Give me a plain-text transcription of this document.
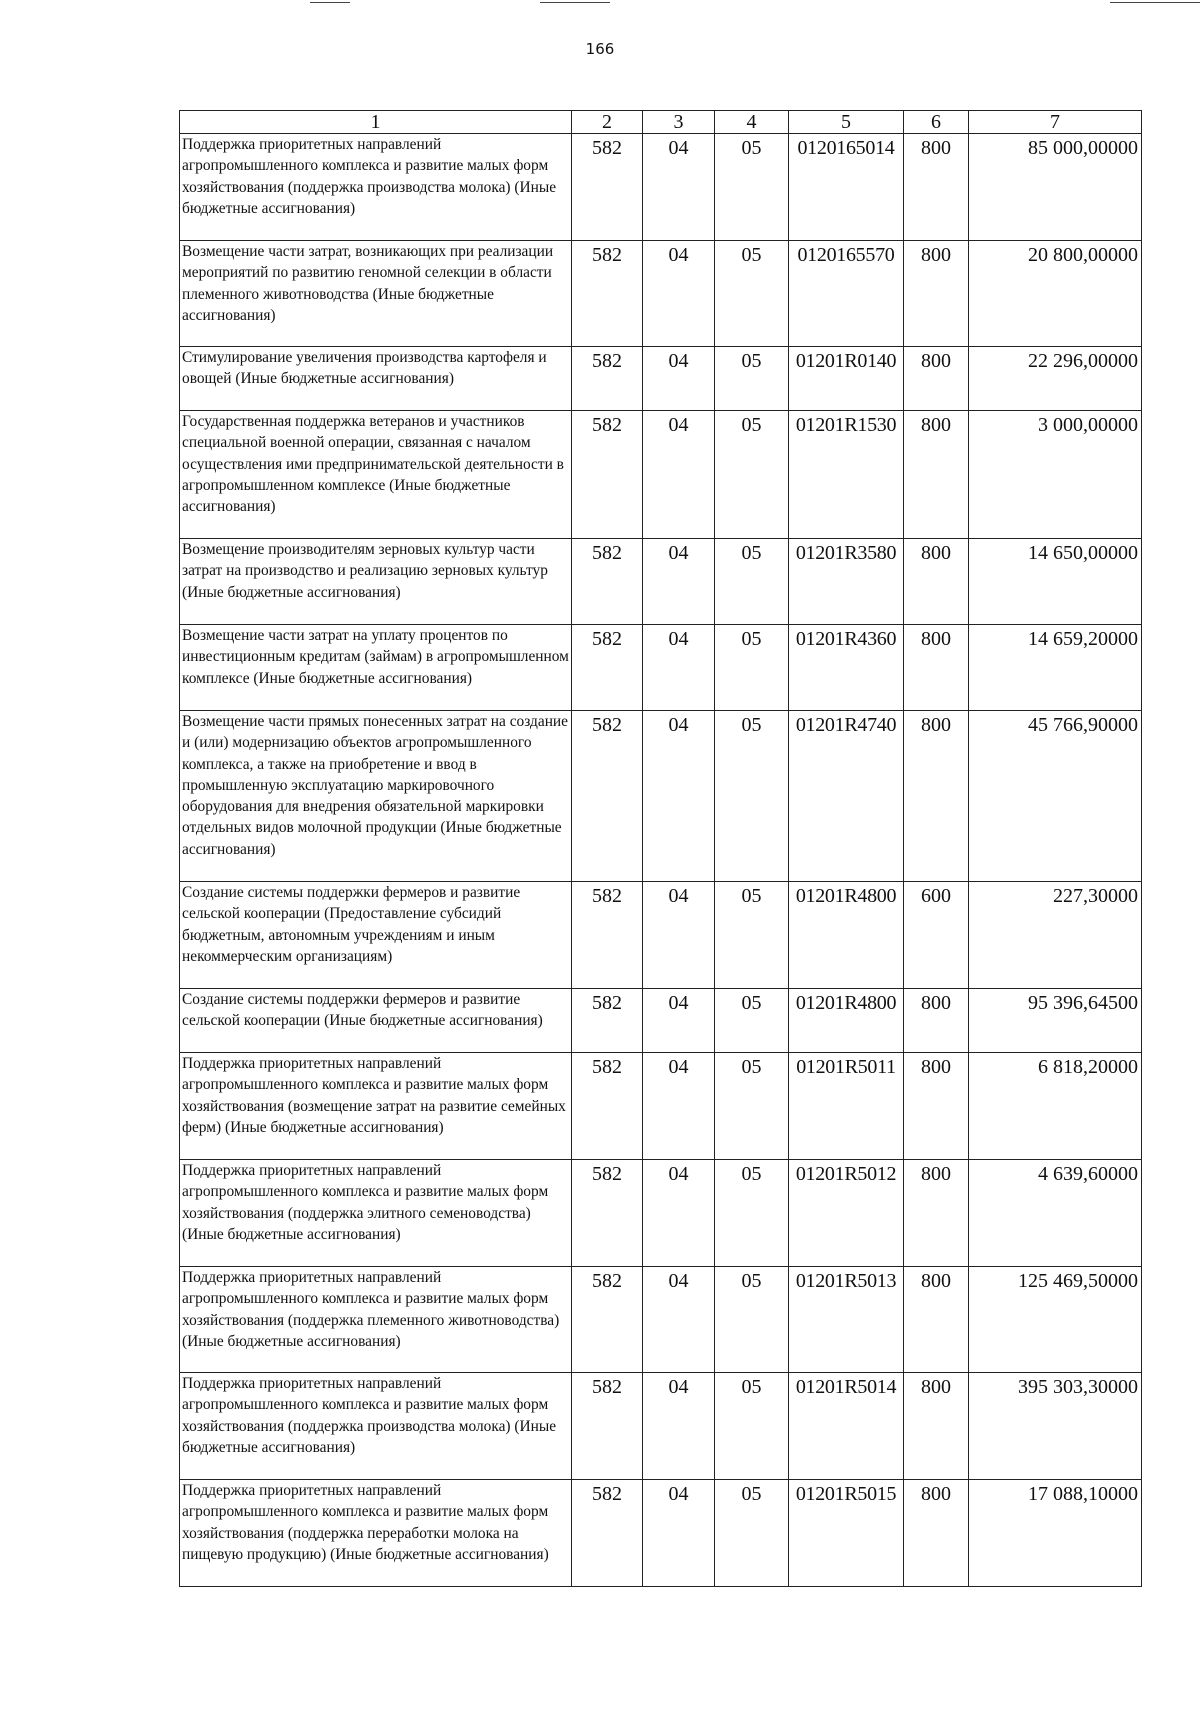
166
1	2	3	4	5	6	7
Поддержка приоритетных направлений агропромышленного комплекса и развитие малых форм хозяйствования (поддержка производства молока) (Иные бюджетные ассигнования)	582	04	05	0120165014	800	85 000,00000
Возмещение части затрат, возникающих при реализации мероприятий по развитию геномной селекции в области племенного животноводства (Иные бюджетные ассигнования)	582	04	05	0120165570	800	20 800,00000
Стимулирование увеличения производства картофеля и овощей (Иные бюджетные ассигнования)	582	04	05	01201R0140	800	22 296,00000
Государственная поддержка ветеранов и участников специальной военной операции, связанная с началом осуществления ими предпринимательской деятельности в агропромышленном комплексе (Иные бюджетные ассигнования)	582	04	05	01201R1530	800	3 000,00000
Возмещение производителям зерновых культур части затрат на производство и реализацию зерновых культур (Иные бюджетные ассигнования)	582	04	05	01201R3580	800	14 650,00000
Возмещение части затрат на уплату процентов по инвестиционным кредитам (займам) в агропромышленном комплексе (Иные бюджетные ассигнования)	582	04	05	01201R4360	800	14 659,20000
Возмещение части прямых понесенных затрат на создание и (или) модернизацию объектов агропромышленного комплекса, а также на приобретение и ввод в промышленную эксплуатацию маркировочного оборудования для внедрения обязательной маркировки отдельных видов молочной продукции (Иные бюджетные ассигнования)	582	04	05	01201R4740	800	45 766,90000
Создание системы поддержки фермеров и развитие сельской кооперации (Предоставление субсидий бюджетным, автономным учреждениям и иным некоммерческим организациям)	582	04	05	01201R4800	600	227,30000
Создание системы поддержки фермеров и развитие сельской кооперации (Иные бюджетные ассигнования)	582	04	05	01201R4800	800	95 396,64500
Поддержка приоритетных направлений агропромышленного комплекса и развитие малых форм хозяйствования (возмещение затрат на развитие семейных ферм) (Иные бюджетные ассигнования)	582	04	05	01201R5011	800	6 818,20000
Поддержка приоритетных направлений агропромышленного комплекса и развитие малых форм хозяйствования (поддержка элитного семеноводства) (Иные бюджетные ассигнования)	582	04	05	01201R5012	800	4 639,60000
Поддержка приоритетных направлений агропромышленного комплекса и развитие малых форм хозяйствования (поддержка племенного животноводства) (Иные бюджетные ассигнования)	582	04	05	01201R5013	800	125 469,50000
Поддержка приоритетных направлений агропромышленного комплекса и развитие малых форм хозяйствования (поддержка производства молока) (Иные бюджетные ассигнования)	582	04	05	01201R5014	800	395 303,30000
Поддержка приоритетных направлений агропромышленного комплекса и развитие малых форм хозяйствования (поддержка переработки молока на пищевую продукцию) (Иные бюджетные ассигнования)	582	04	05	01201R5015	800	17 088,10000
